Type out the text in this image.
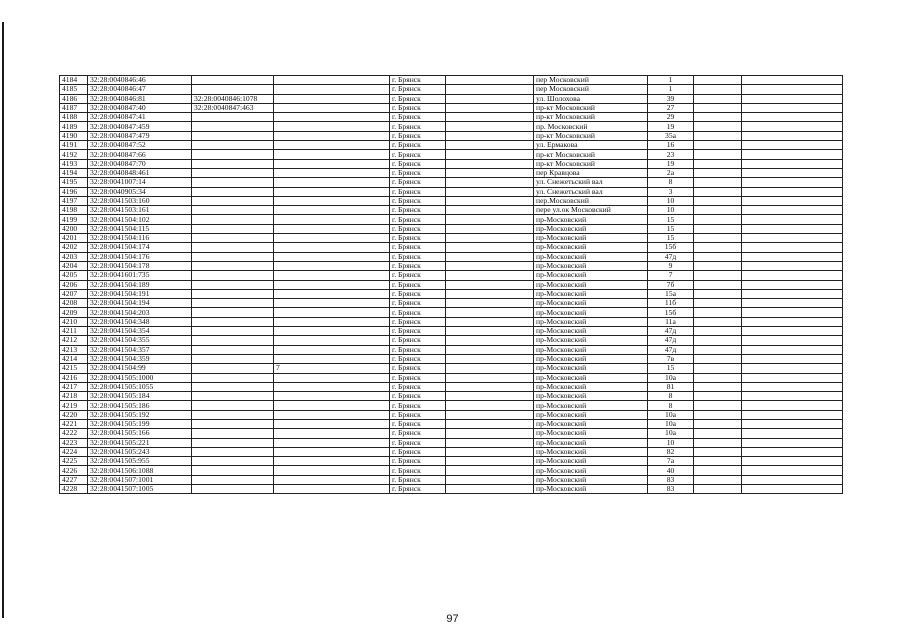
4184	32:28:0040846:46			г. Брянск		пер Московский	1		
4185	32:28:0040846:47			г. Брянск		пер Московский	1		
4186	32:28:0040846:81	32:28:0040846:1078		г. Брянск		ул. Шолохова	39		
4187	32:28:0040847:40	32:28:0040847:463		г. Брянск		пр-кт Московский	27		
4188	32:28:0040847:41			г. Брянск		пр-кт Московский	29		
4189	32:28:0040847:459			г. Брянск		пр. Московский	19		
4190	32:28:0040847:479			г. Брянск		пр-кт Московский	35а		
4191	32:28:0040847:52			г. Брянск		ул. Ермакова	16		
4192	32:28:0040847:66			г. Брянск		пр-кт Московский	23		
4193	32:28:0040847:70			г. Брянск		пр-кт Московский	19		
4194	32:28:0040848:461			г. Брянск		пер Кравцова	2а		
4195	32:28:0041007:14			г. Брянск		ул. Снежетьский вал	8		
4196	32:28:0040905:34			г. Брянск		ул. Снежетьский вал	3		
4197	32:28:0041503:160			г. Брянск		пер.Московский	10		
4198	32:28:0041503:161			г. Брянск		пере ул.ок Московский	10		
4199	32:28:0041504:102			г. Брянск		пр-Московский	15		
4200	32:28:0041504:115			г. Брянск		пр-Московский	15		
4201	32:28:0041504:116			г. Брянск		пр-Московский	15		
4202	32:28:0041504:174			г. Брянск		пр-Московский	15б		
4203	32:28:0041504:176			г. Брянск		пр-Московский	47д		
4204	32:28:0041504:178			г. Брянск		пр-Московский	9		
4205	32:28:0041601:735			г. Брянск		пр-Московский	7		
4206	32:28:0041504:189			г. Брянск		пр-Московский	7б		
4207	32:28:0041504:191			г. Брянск		пр-Московский	15а		
4208	32:28:0041504:194			г. Брянск		пр-Московский	11б		
4209	32:28:0041504:203			г. Брянск		пр-Московский	15б		
4210	32:28:0041504:348			г. Брянск		пр-Московский	11а		
4211	32:28:0041504:354			г. Брянск		пр-Московский	47д		
4212	32:28:0041504:355			г. Брянск		пр-Московский	47д		
4213	32:28:0041504:357			г. Брянск		пр-Московский	47д		
4214	32:28:0041504:359			г. Брянск		пр-Московский	7в		
4215	32:28:0041504:99		7	г. Брянск		пр-Московский	15		
4216	32:28:0041505:1000			г. Брянск		пр-Московский	10а		
4217	32:28:0041505:1055			г. Брянск		пр-Московский	81		
4218	32:28:0041505:184			г. Брянск		пр-Московский	8		
4219	32:28:0041505:186			г. Брянск		пр-Московский	8		
4220	32:28:0041505:192			г. Брянск		пр-Московский	10а		
4221	32:28:0041505:199			г. Брянск		пр-Московский	10а		
4222	32:28:0041505:166			г. Брянск		пр-Московский	10а		
4223	32:28:0041505:221			г. Брянск		пр-Московский	10		
4224	32:28:0041505:243			г. Брянск		пр-Московский	82		
4225	32:28:0041505:955			г. Брянск		пр-Московский	7а		
4226	32:28:0041506:1088			г. Брянск		пр-Московский	40		
4227	32:28:0041507:1001			г. Брянск		пр-Московский	83		
4228	32:28:0041507:1005			г. Брянск		пр-Московский	83		
97
